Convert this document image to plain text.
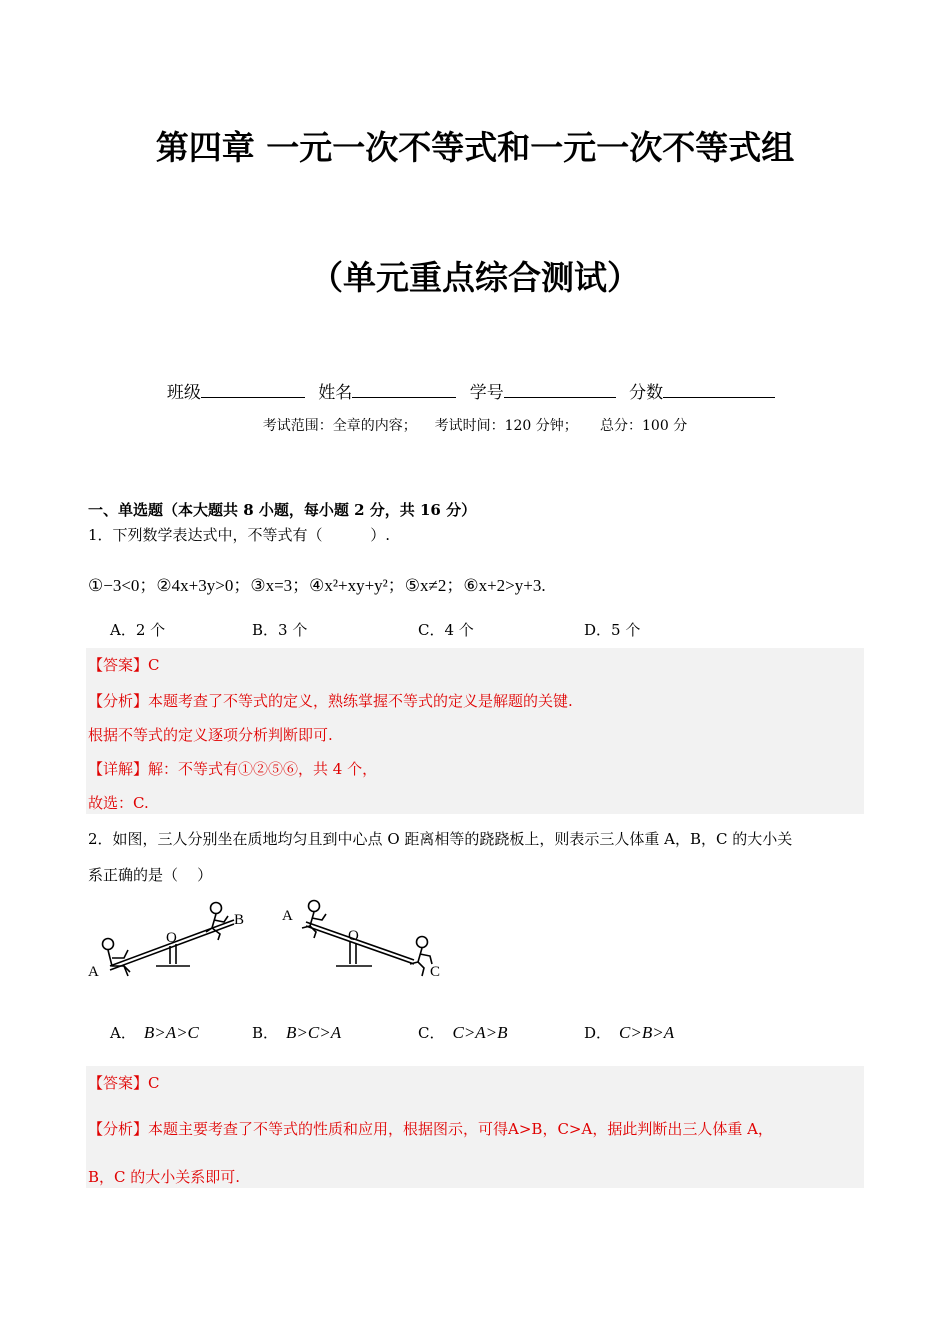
第四章 一元一次不等式和一元一次不等式组
（单元重点综合测试）
班级	姓名	学号	分数
考试范围：全章的内容；    考试时间：120 分钟；     总分：100 分
一、单选题（本大题共 8 小题，每小题 2 分，共 16 分）
1．下列数学表达式中，不等式有（          ）.
①−3<0；②4x+3y>0；③x=3；④x²+xy+y²；⑤x≠2；⑥x+2>y+3.
A．2 个	B．3 个	C．4 个	D．5 个
【答案】C
【分析】本题考查了不等式的定义，熟练掌握不等式的定义是解题的关键.
根据不等式的定义逐项分析判断即可.
【详解】解：不等式有①②⑤⑥，共 4 个，
故选：C.
2．如图，三人分别坐在质地均匀且到中心点 O 距离相等的跷跷板上，则表示三人体重 A，B，C 的大小关
系正确的是（    ）
A
B
O
A
O
C
A． B>A>C	B． B>C>A	C． C>A>B	D． C>B>A
【答案】C
【分析】本题主要考查了不等式的性质和应用，根据图示，可得A>B，C>A，据此判断出三人体重 A，
B，C 的大小关系即可.
